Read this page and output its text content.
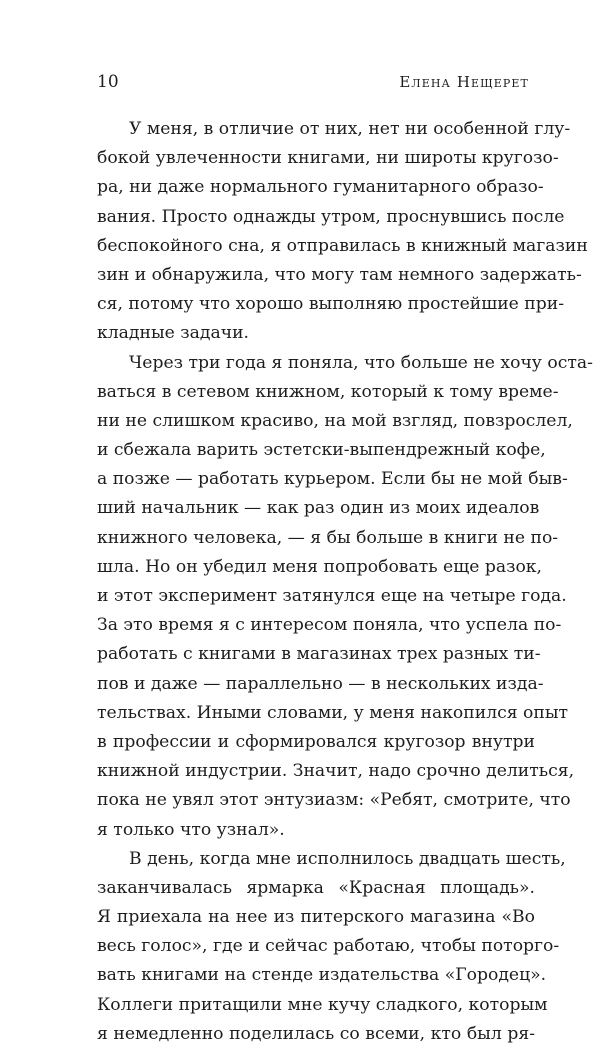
10	Елена Нещерет
У меня, в отличие от них, нет ни особенной глу-
бокой увлеченности книгами, ни широты кругозо-
ра, ни даже нормального гуманитарного образо-
вания. Просто однажды утром, проснувшись после
беспокойного сна, я отправилась в книжный магазин
зин и обнаружила, что могу там немного задержать-
ся, потому что хорошо выполняю простейшие при-
кладные задачи.
Через три года я поняла, что больше не хочу оста-
ваться в сетевом книжном, который к тому време-
ни не слишком красиво, на мой взгляд, повзрослел,
и сбежала варить эстетски-выпендрежный кофе,
а позже — работать курьером. Если бы не мой быв-
ший начальник — как раз один из моих идеалов
книжного человека, — я бы больше в книги не по-
шла. Но он убедил меня попробовать еще разок,
и этот эксперимент затянулся еще на четыре года.
За это время я с интересом поняла, что успела по-
работать с книгами в магазинах трех разных ти-
пов и даже — параллельно — в нескольких изда-
тельствах. Иными словами, у меня накопился опыт
в профессии и сформировался кругозор внутри
книжной индустрии. Значит, надо срочно делиться,
пока не увял этот энтузиазм: «Ребят, смотрите, что
я только что узнал».
В день, когда мне исполнилось двадцать шесть,
заканчивалась ярмарка «Красная площадь».
Я приехала на нее из питерского магазина «Во
весь голос», где и сейчас работаю, чтобы поторго-
вать книгами на стенде издательства «Городец».
Коллеги притащили мне кучу сладкого, которым
я немедленно поделилась со всеми, кто был ря-
